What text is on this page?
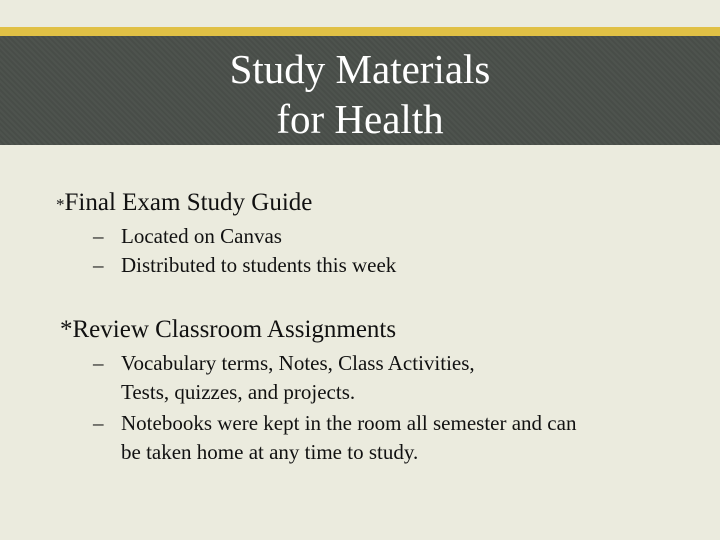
Study Materials
for Health
*Final Exam Study Guide
– Located on Canvas
– Distributed to students this week
*Review Classroom Assignments
– Vocabulary terms, Notes, Class Activities,
Tests, quizzes, and projects.
– Notebooks were kept in the room all semester and can
be taken home at any time to study.
